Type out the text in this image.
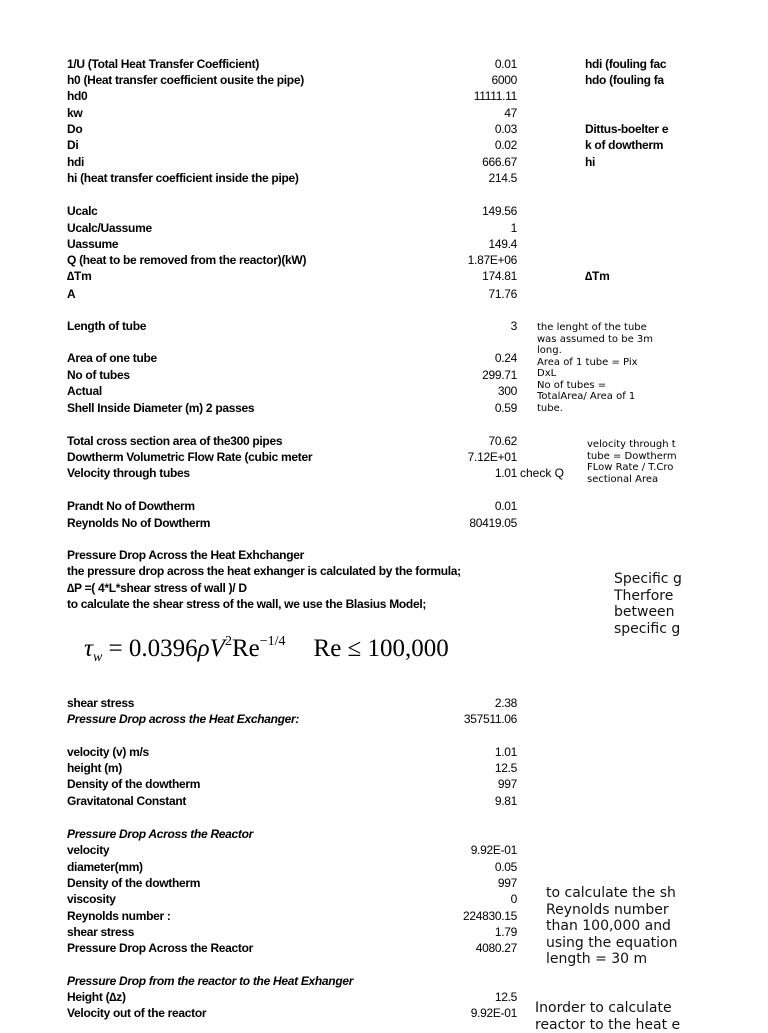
check Q
the lenght of the tube
was assumed to be 3m
long.
Area of 1 tube = Pix
DxL
No of tubes =
TotalArea/ Area of 1
tube.
velocity through t
tube = Dowtherm
FLow Rate / T.Cro
sectional Area
Specific g
Therfore
between
specific g
to calculate the sh
Reynolds number
than 100,000 and
using the equation
length = 30 m
Inorder to calculate
reactor to the heat e
$\tau_w = 0.0396\rho V^2Re^{-1/4}$ Re ≤ 100,000
1/U (Total Heat Transfer Coefficient)	0.01
h0 (Heat transfer coefficient ousite the pipe)	6000
hd0	11111.11
kw	47
Do	0.03
Di	0.02
hdi	666.67
hi (heat transfer coefficient inside the pipe)	214.5
Ucalc	149.56
Ucalc/Uassume	1
Uassume	149.4
Q (heat to be removed from the reactor)(kW)	1.87E+06
∆Tm	174.81
A	71.76
Length of tube	3
Area of one tube	0.24
No of tubes	299.71
Actual	300
Shell Inside Diameter (m) 2 passes	0.59
Total cross section area of the300 pipes	70.62
Dowtherm Volumetric Flow Rate (cubic meter	7.12E+01
Velocity through tubes	1.01
Prandt No of Dowtherm	0.01
Reynolds No of Dowtherm	80419.05
shear stress	2.38
Pressure Drop across the Heat Exchanger:	357511.06
velocity (v) m/s	1.01
height (m)	12.5
Density of the dowtherm	997
Gravitatonal Constant	9.81
velocity	9.92E-01
diameter(mm)	0.05
Density of the dowtherm	997
viscosity	0
Reynolds number :	224830.15
shear stress	1.79
Pressure Drop Across the Reactor	4080.27
Height (∆z)	12.5
Velocity out of the reactor	9.92E-01
Pressure Drop Across the Heat Exhchanger
the pressure drop across the heat exhanger is calculated by the formula;
∆P =( 4*L*shear stress of wall )/ D
to calculate the shear stress of the wall, we use the Blasius Model;
Pressure Drop Across the Reactor
Pressure Drop from the reactor to the Heat Exhanger
hdi (fouling fac
hdo (fouling fa
Dittus-boelter e
k of dowtherm
hi
∆Tm
